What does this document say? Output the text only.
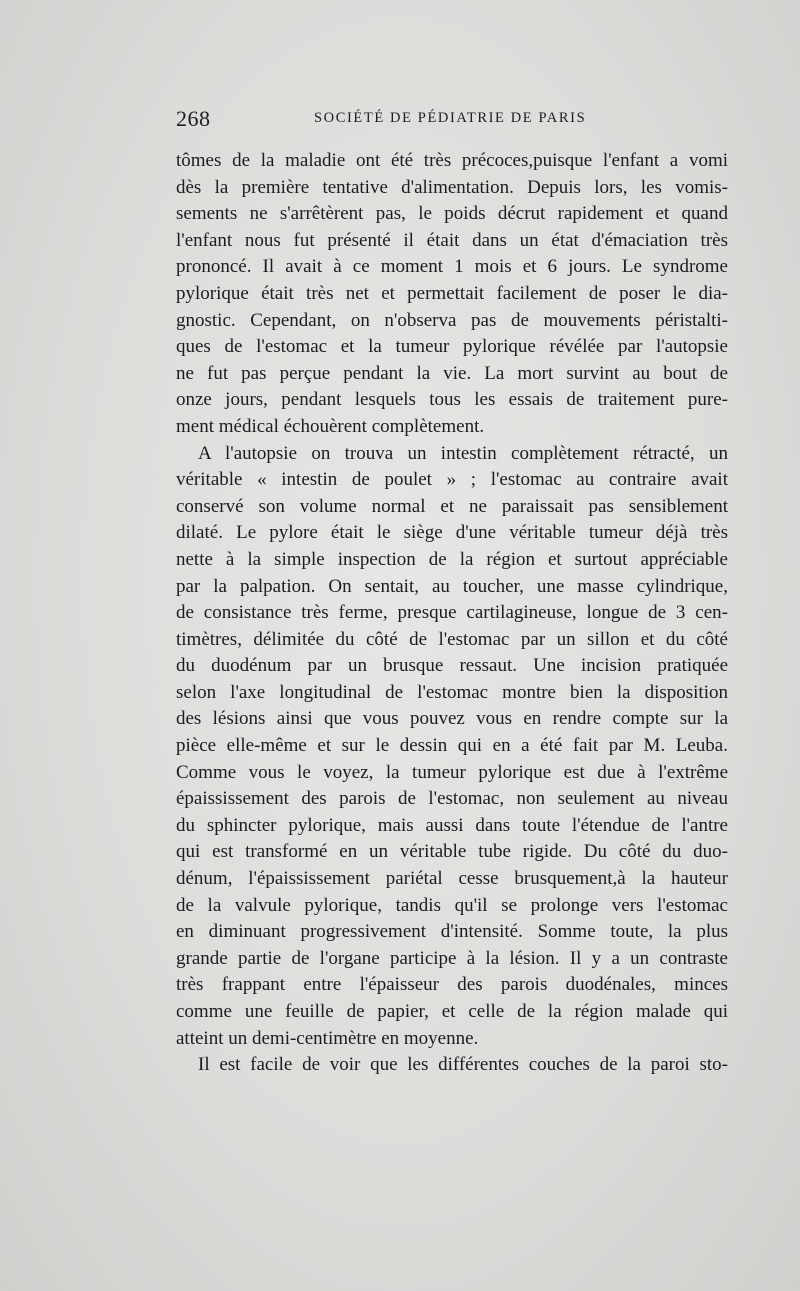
268	SOCIÉTÉ DE PÉDIATRIE DE PARIS
tômes de la maladie ont été très précoces,puisque l'enfant a vomi
dès la première tentative d'alimentation. Depuis lors, les vomis-
sements ne s'arrêtèrent pas, le poids décrut rapidement et quand
l'enfant nous fut présenté il était dans un état d'émaciation très
prononcé. Il avait à ce moment 1 mois et 6 jours. Le syndrome
pylorique était très net et permettait facilement de poser le dia-
gnostic. Cependant, on n'observa pas de mouvements péristalti-
ques de l'estomac et la tumeur pylorique révélée par l'autopsie
ne fut pas perçue pendant la vie. La mort survint au bout de
onze jours, pendant lesquels tous les essais de traitement pure-
ment médical échouèrent complètement.
A l'autopsie on trouva un intestin complètement rétracté, un
véritable « intestin de poulet » ; l'estomac au contraire avait
conservé son volume normal et ne paraissait pas sensiblement
dilaté. Le pylore était le siège d'une véritable tumeur déjà très
nette à la simple inspection de la région et surtout appréciable
par la palpation. On sentait, au toucher, une masse cylindrique,
de consistance très ferme, presque cartilagineuse, longue de 3 cen-
timètres, délimitée du côté de l'estomac par un sillon et du côté
du duodénum par un brusque ressaut. Une incision pratiquée
selon l'axe longitudinal de l'estomac montre bien la disposition
des lésions ainsi que vous pouvez vous en rendre compte sur la
pièce elle-même et sur le dessin qui en a été fait par M. Leuba.
Comme vous le voyez, la tumeur pylorique est due à l'extrême
épaississement des parois de l'estomac, non seulement au niveau
du sphincter pylorique, mais aussi dans toute l'étendue de l'antre
qui est transformé en un véritable tube rigide. Du côté du duo-
dénum, l'épaississement pariétal cesse brusquement,à la hauteur
de la valvule pylorique, tandis qu'il se prolonge vers l'estomac
en diminuant progressivement d'intensité. Somme toute, la plus
grande partie de l'organe participe à la lésion. Il y a un contraste
très frappant entre l'épaisseur des parois duodénales, minces
comme une feuille de papier, et celle de la région malade qui
atteint un demi-centimètre en moyenne.
Il est facile de voir que les différentes couches de la paroi sto-
